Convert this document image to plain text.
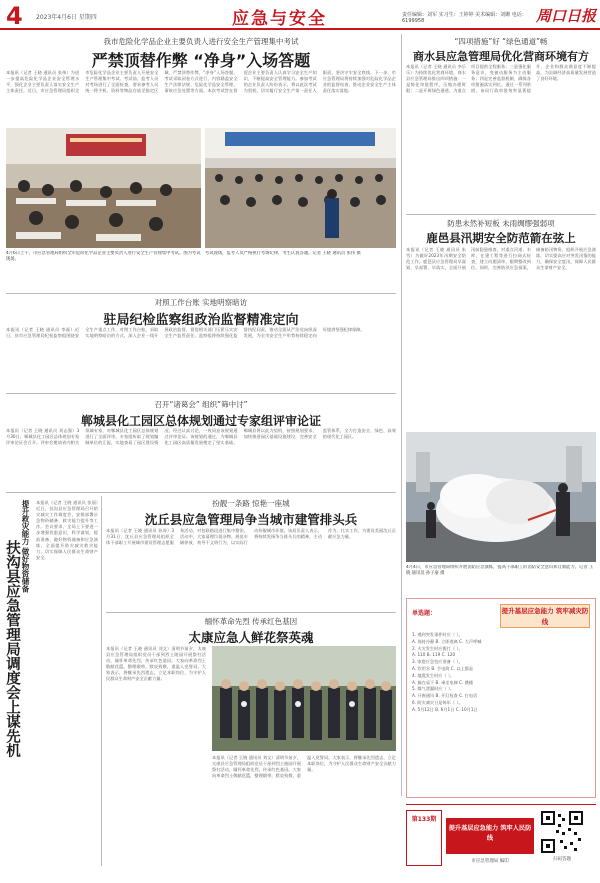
4 2023年4月6日 星期四	应急与安全	责任编辑：刘军 实习生：王婷婷 美术编辑：刘姗 电话：6199958	周口日报
我市危险化学品企业主要负责人进行安全生产管理集中考试
严禁顶替作弊 “净身”入场答题
本报讯（记者 王晓 通讯员 张伟）为进一步提高危险化学品企业安全管理水平，强化企业主要负责人落实安全生产主体责任，近日，市应急管理局组织全市危险化学品企业主要负责人开展安全生产管理集中考试。考试前，监考人员对考场进行了全面检查，要求参考人员统一将手机、资料等物品存放至指定区域，严禁顶替作弊，“净身”入场答题。考试采取闭卷方式进行，内容涵盖安全生产法律法规、危险化学品安全管理、事故应急处置等方面。本次考试旨在督促企业主要负责人认真学习安全生产知识，不断提高安全管理能力。参加考试的企业负责人纷纷表示，将以此次考试为契机，切实履行安全生产第一责任人职责，坚决守牢安全底线。下一步，市应急管理局将持续加强对危险化学品企业的监督检查，推动企业安全生产主体责任落实落地。
4月6日上午，市应急管理局组织全市危险化学品企业主要负责人进行安全生产管理集中考试。图为考试现场。
考试现场，监考人员严格执行考场纪律，考生认真答题。记者 王晓 通讯员 张伟 摄
对照工作台账 实地明察暗访
驻局纪检监察组政治监督精准定向
本报讯（记者 王晓 通讯员 李磊）近日，驻市应急管理局纪检监察组围绕安全生产重点工作，对照工作台账，采取实地明察暗访的方式，深入企业一线开展政治监督，督促相关部门压紧压实安全生产监管责任。监察组将持续强化监督执纪问责，推动全面从严治党向纵深发展，为全市安全生产形势持续稳定向好提供坚强纪律保障。
召开“诸葛会” 组织“筛中讨”
郸城县化工园区总体规划通过专家组评审论证
本报讯（记者 王晓 通讯员 刘志强）3月30日，郸城县化工园区总体规划专家评审论证会召开。评审会邀请省内相关领域专家，对郸城县化工园区总体规划进行了全面评审。专家组听取了规划编制单位的汇报，实地查看了园区建设情况，经过认真讨论，一致同意该规划通过评审论证。该规划的通过，为郸城县化工园区高质量发展奠定了坚实基础。郸城县将以此为契机，按照规划要求，加快推进园区基础设施建设，完善安全监管体系，全力打造安全、绿色、高效的现代化工园区。
提升救灾能力 做好物资储备
扶沟县应急管理局调度会上谋先机
本报讯（记者 王晓 通讯员 张丽）近日，扶沟县应急管理局召开防灾减灾工作调度会，安排部署应急物资储备、救灾能力提升等工作。会议要求，全局上下要进一步增强忧患意识，科学谋划，提前准备，做好物资储备和应急演练，全面提升防灾减灾救灾能力，切实保障人民群众生命财产安全。
扮靓一条路 惊艳一座城
沈丘县应急管理局争当城市建管排头兵
本报讯（记者 王晓 通讯员 孙涛）3月31日，沈丘县应急管理局组织全体干部职工开展城市建设管理志愿服务活动，对包联路段进行集中整治。活动中，大家清理垃圾杂物、规范车辆停放、劝导不文明行为，以实际行动扮靓城市环境。该局负责人表示，将持续发扬争当排头兵的精神，主动作为，扎实工作，为建设美丽沈丘贡献应急力量。
缅怀革命先烈 传承红色基因
太康应急人鲜花祭英魂
本报讯（记者 王晓 通讯员 刘文）清明节前夕，太康县应急管理局组织党员干部到烈士陵园开展祭扫活动，缅怀革命先烈，传承红色基因。大家向革命烈士敬献花篮，整理缎带，默哀致敬，重温入党誓词。大家表示，将继承先烈遗志，立足本职岗位，为守护人民群众生命财产安全贡献力量。
本报讯（记者 王晓 通讯员 刘文）清明节前夕，太康县应急管理局组织党员干部到烈士陵园开展祭扫活动，缅怀革命先烈，传承红色基因。大家向革命烈士敬献花篮，整理缎带，默哀致敬，重温入党誓词。大家表示，将继承先烈遗志，立足本职岗位，为守护人民群众生命财产安全贡献力量。
“四项措施”好 “绿色通道”畅
商水县应急管理局优化营商环境有方
本报讯（记者 王晓 通讯员 李乐乐）为持续优化营商环境，商水县应急管理局推出四项措施：一是简化审批程序，压缩办理时限；二是开辟绿色通道，为重点项目提供全程服务；三是强化服务意识，变被动服务为主动服务；四是完善监督机制，确保各项措施落实到位。通过一系列举措，该局行政审批效率显著提升，企业和群众满意度不断提高，为县域经济高质量发展营造了良好环境。
防患未然补短板 未雨绸缪强弱项
鹿邑县汛期安全防范箭在弦上
本报讯（记者 王晓 通讯员 朱雪）为做好2023年汛期安全防范工作，鹿邑县应急管理局早谋划、早部署、早落实，全面开展汛前隐患排查，对重点河道、水库、在建工程等进行拉网式检查，建立问题清单，限期整改到位。同时，完善防汛应急预案，储备防汛物资，组织开展应急演练，切实提高应对突发汛情的能力，确保安全度汛，保障人民群众生命财产安全。
4月4日，市应急管理局组织开展消防应急演练，提高干部职工的消防安全意识和自救能力。记者 王晓 通讯员 孙子豪 摄
提升基层应急能力 筑牢减灾防线
单选题：
1. 遇到突发事件时应（ ）。
A. 保持冷静 B. 立即逃离 C. 大声呼喊
2. 火灾发生时应拨打（ ）。
A. 110 B. 119 C. 120
3. 家庭应急包应准备（ ）。
A. 饮用水 B. 手电筒 C. 以上都是
4. 地震发生时应（ ）。
A. 躲在桌下 B. 乘坐电梯 C. 跳楼
5. 煤气泄漏时应（ ）。
A. 开窗通风 B. 开灯检查 C. 打电话
6. 防灾减灾日是每年（ ）。
A. 5月12日 B. 6月1日 C. 10月1日
第133期
提升基层应急能力 筑牢人民防线
市应急管理局 编印	扫码答题
